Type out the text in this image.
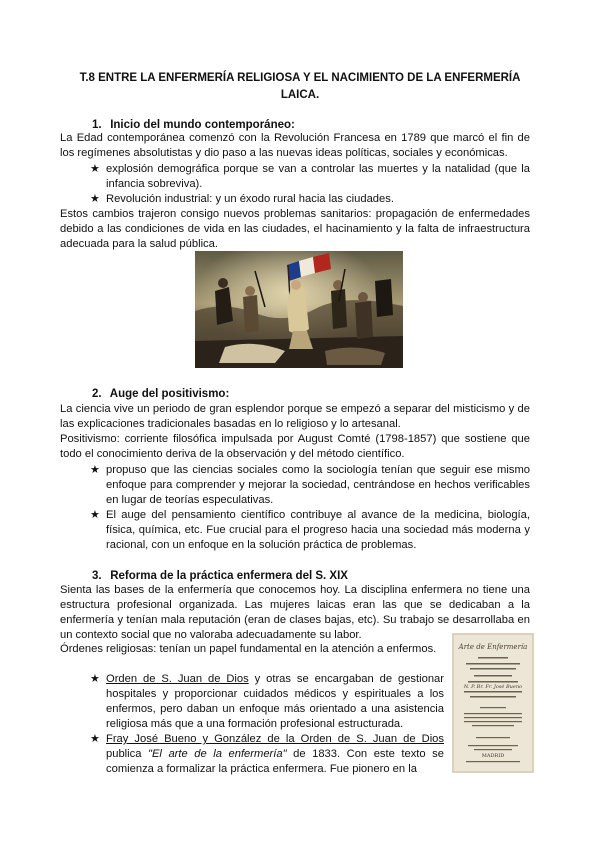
T.8 ENTRE LA ENFERMERÍA RELIGIOSA Y EL NACIMIENTO DE LA ENFERMERÍA LAICA.
1. Inicio del mundo contemporáneo:
La Edad contemporánea comenzó con la Revolución Francesa en 1789 que marcó el fin de los regímenes absolutistas y dio paso a las nuevas ideas políticas, sociales y económicas.
★ explosión demográfica porque se van a controlar las muertes y la natalidad (que la infancia sobreviva).
★ Revolución industrial: y un éxodo rural hacia las ciudades.
Estos cambios trajeron consigo nuevos problemas sanitarios: propagación de enfermedades debido a las condiciones de vida en las ciudades, el hacinamiento y la falta de infraestructura adecuada para la salud pública.
2. Auge del positivismo:
La ciencia vive un periodo de gran esplendor porque se empezó a separar del misticismo y de las explicaciones tradicionales basadas en lo religioso y lo artesanal.
Positivismo: corriente filosófica impulsada por August Comté (1798-1857) que sostiene que todo el conocimiento deriva de la observación y del método científico.
★ propuso que las ciencias sociales como la sociología tenían que seguir ese mismo enfoque para comprender y mejorar la sociedad, centrándose en hechos verificables en lugar de teorías especulativas.
★ El auge del pensamiento científico contribuye al avance de la medicina, biología, física, química, etc. Fue crucial para el progreso hacia una sociedad más moderna y racional, con un enfoque en la solución práctica de problemas.
3. Reforma de la práctica enfermera del S. XIX
Sienta las bases de la enfermería que conocemos hoy. La disciplina enfermera no tiene una estructura profesional organizada. Las mujeres laicas eran las que se dedicaban a la enfermería y tenían mala reputación (eran de clases bajas, etc). Su trabajo se desarrollaba en un contexto social que no valoraba adecuadamente su labor.
Órdenes religiosas: tenían un papel fundamental en la atención a enfermos.
★ Orden de S. Juan de Dios y otras se encargaban de gestionar hospitales y proporcionar cuidados médicos y espirituales a los enfermos, pero daban un enfoque más orientado a una asistencia religiosa más que a una formación profesional estructurada.
★ Fray José Bueno y González de la Orden de S. Juan de Dios publica "El arte de la enfermería" de 1833. Con este texto se comienza a formalizar la práctica enfermera. Fue pionero en la
Arte de Enfermería
N. P. Br. Fr. José Bueno
MADRID
